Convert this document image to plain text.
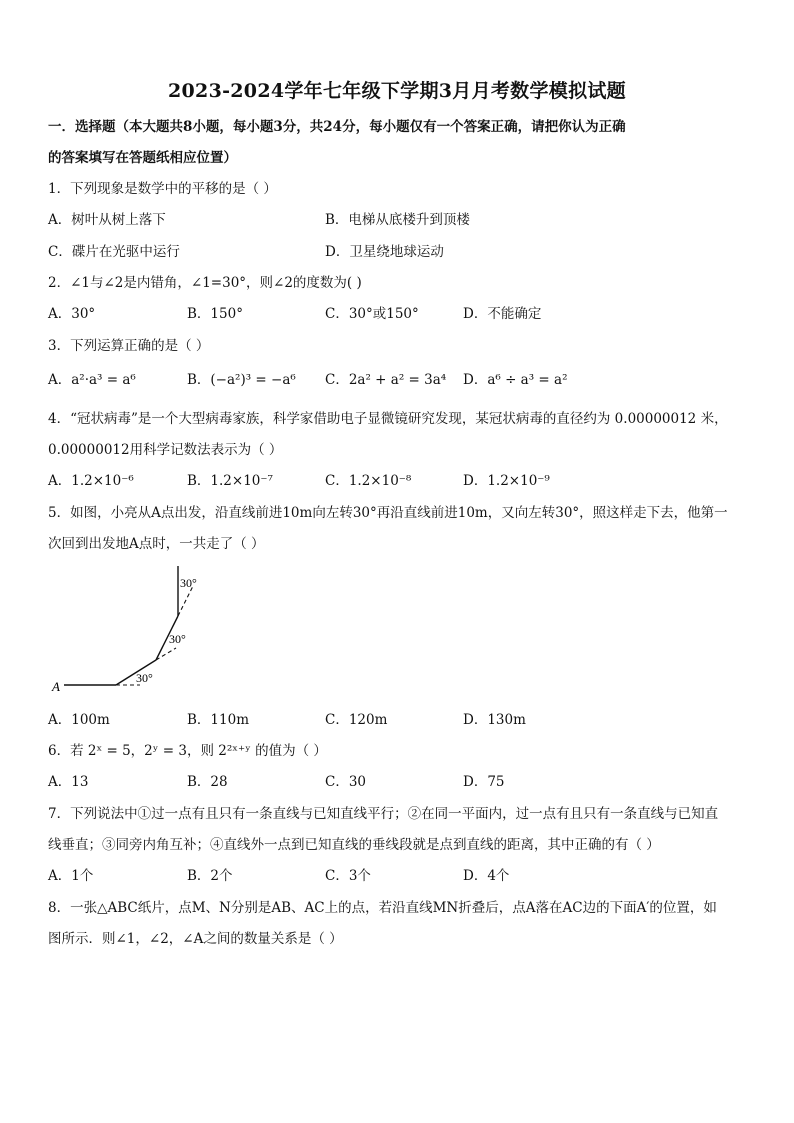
2023-2024学年七年级下学期3月月考数学模拟试题
一．选择题（本大题共8小题，每小题3分，共24分，每小题仅有一个答案正确，请把你认为正确
的答案填写在答题纸相应位置）
1．下列现象是数学中的平移的是（ ）
A．树叶从树上落下	B．电梯从底楼升到顶楼
C．碟片在光驱中运行	D．卫星绕地球运动
2．∠1与∠2是内错角，∠1=30°，则∠2的度数为( )
A．30°	B．150°	C．30°或150°	D．不能确定
3．下列运算正确的是（ ）
A．a²·a³ = a⁶	B．(−a²)³ = −a⁶ C．2a² + a² = 3a⁴ D．a⁶ ÷ a³ = a²
4．“冠状病毒”是一个大型病毒家族，科学家借助电子显微镜研究发现，某冠状病毒的直径约为 0.00000012 米，
0.00000012用科学记数法表示为（ ）
A．1.2×10⁻⁶	B．1.2×10⁻⁷	C．1.2×10⁻⁸	D．1.2×10⁻⁹
5．如图，小亮从A点出发，沿直线前进10m向左转30°再沿直线前进10m，又向左转30°，照这样走下去，他第一
次回到出发地A点时，一共走了（ ）
A
30°
30°
30°
A．100m	B．110m	C．120m	D．130m
6．若 2ˣ = 5，2ʸ = 3，则 2²ˣ⁺ʸ 的值为（ ）
A．13	B．28	C．30	D．75
7．下列说法中①过一点有且只有一条直线与已知直线平行；②在同一平面内，过一点有且只有一条直线与已知直
线垂直；③同旁内角互补；④直线外一点到已知直线的垂线段就是点到直线的距离，其中正确的有（ ）
A．1个	B．2个	C．3个	D．4个
8．一张△ABC纸片，点M、N分别是AB、AC上的点，若沿直线MN折叠后，点A落在AC边的下面A′的位置，如
图所示．则∠1，∠2，∠A之间的数量关系是（ ）
